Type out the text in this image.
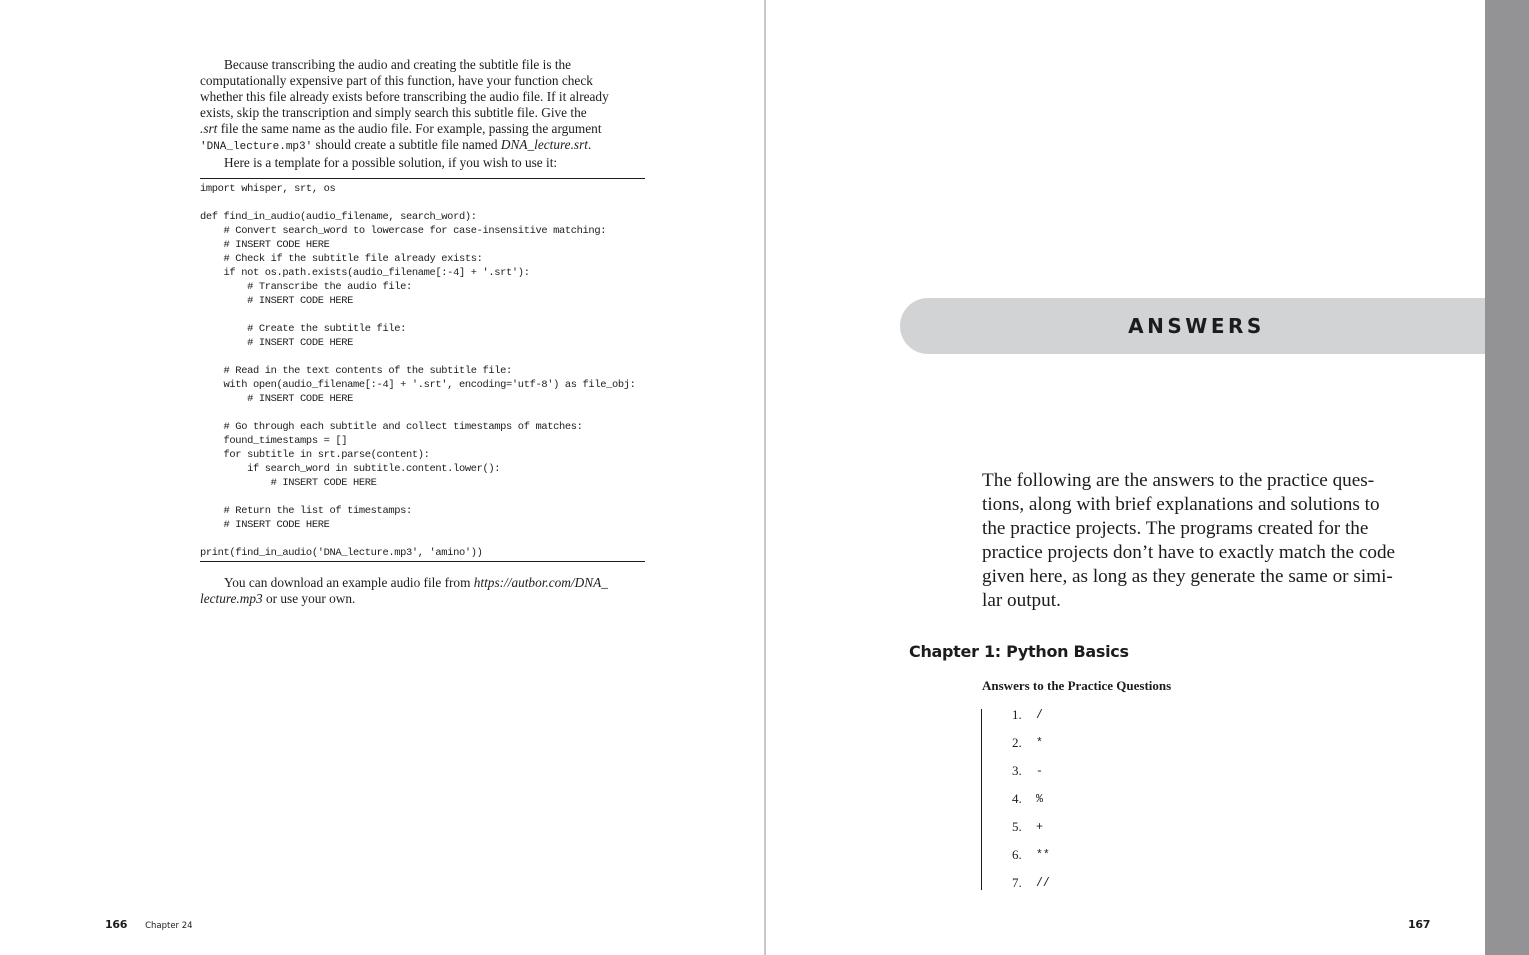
Because transcribing the audio and creating the subtitle file is the

computationally expensive part of this function, have your function check

whether this file already exists before transcribing the audio file. If it already

exists, skip the transcription and simply search this subtitle file. Give the

.srt file the same name as the audio file. For example, passing the argument

'DNA_lecture.mp3' should create a subtitle file named DNA_lecture.srt.

Here is a template for a possible solution, if you wish to use it:

import whisper, srt, os

def find_in_audio(audio_filename, search_word):
# Convert search_word to lowercase for case-insensitive matching:
# INSERT CODE HERE
# Check if the subtitle file already exists:
if not os.path.exists(audio_filename[:-4] + '.srt'):
# Transcribe the audio file:
# INSERT CODE HERE

# Create the subtitle file:
# INSERT CODE HERE

# Read in the text contents of the subtitle file:
with open(audio_filename[:-4] + '.srt', encoding='utf-8') as file_obj:
# INSERT CODE HERE

# Go through each subtitle and collect timestamps of matches:
found_timestamps = []
for subtitle in srt.parse(content):
if search_word in subtitle.content.lower():
# INSERT CODE HERE

# Return the list of timestamps:
# INSERT CODE HERE

print(find_in_audio('DNA_lecture.mp3', 'amino'))

You can download an example audio file from https://autbor.com/DNA_

lecture.mp3 or use your own.

166 Chapter 24
ANSWERS

The following are the answers to the practice ques-

tions, along with brief explanations and solutions to

the practice projects. The programs created for the

practice projects don’t have to exactly match the code

given here, as long as they generate the same or simi-

lar output.

Chapter 1: Python Basics
Answers to the Practice Questions
1.	/
2.	*
3.	-
4.	%
5.	+
6.	**
7.	//
167
